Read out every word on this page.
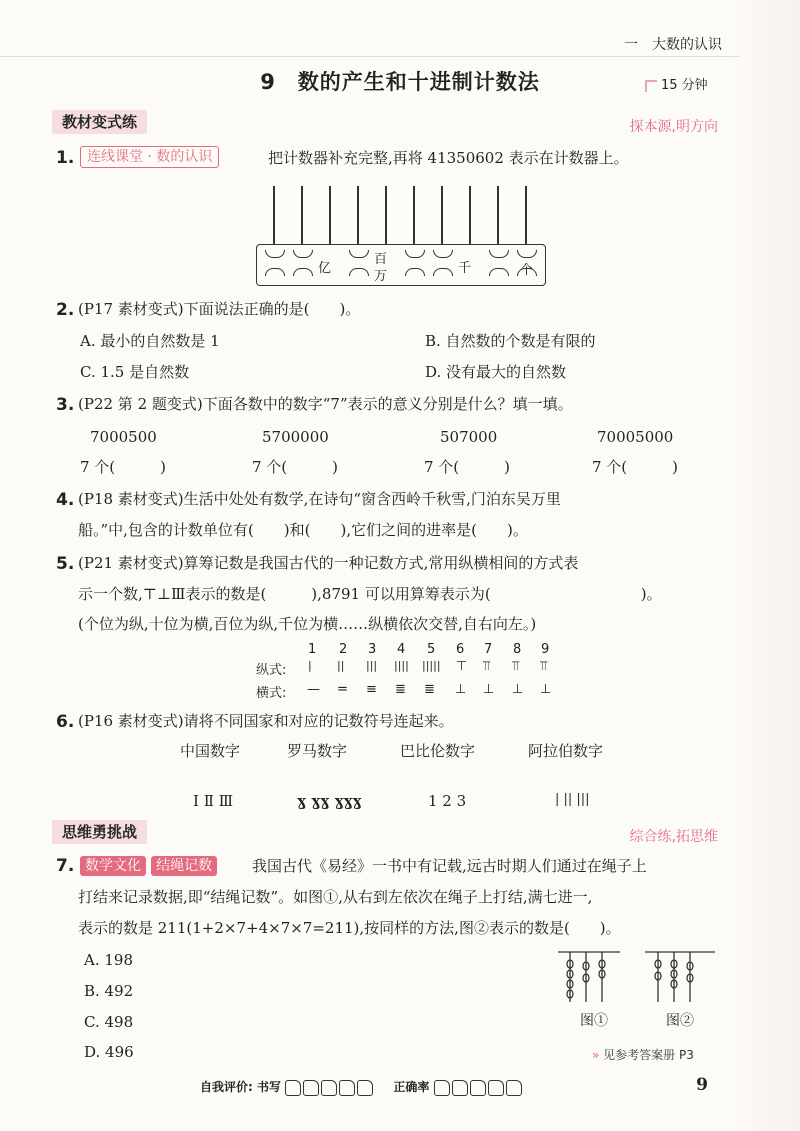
一　大数的认识
9　数的产生和十进制计数法	15 分钟
教材变式练	探本源,明方向
1. 连线课堂 · 数的认识	把计数器补充完整,再将 41350602 表示在计数器上。
亿
百
万
千	个
2. (P17 素材变式)下面说法正确的是(　　)。
A. 最小的自然数是 1	B. 自然数的个数是有限的
C. 1.5 是自然数	D. 没有最大的自然数
3. (P22 第 2 题变式)下面各数中的数字“7”表示的意义分别是什么？填一填。
7000500	5700000	507000	70005000
7 个(　　　)	7 个(　　　)	7 个(　　　)	7 个(　　　)
4. (P18 素材变式)生活中处处有数学,在诗句“窗含西岭千秋雪,门泊东吴万里
船。”中,包含的计数单位有(　　)和(　　),它们之间的进率是(　　)。
5. (P21 素材变式)算筹记数是我国古代的一种记数方式,常用纵横相间的方式表
示一个数,⊤⊥Ⅲ表示的数是(　　　),8791 可以用算筹表示为(　　　　　　　　　　)。
(个位为纵,十位为横,百位为纵,千位为横……纵横依次交替,自右向左。)
纵式:
横式:
1 2 3 4 5 6 7 8 9
| || ||| |||| ||||| ⊤ ⫪ ⫪ ⫪
— = ≡ ≣ ≣ ⊥ ⊥ ⊥ ⊥
6. (P16 素材变式)请将不同国家和对应的记数符号连起来。
中国数字	罗马数字	巴比伦数字	阿拉伯数字
Ⅰ Ⅱ Ⅲ	ɣ ɣɣ ɣɣɣ	1 2 3	| || |||
思维勇挑战	综合练,拓思维
7. 数学文化 结绳记数	我国古代《易经》一书中有记载,远古时期人们通过在绳子上
打结来记录数据,即“结绳记数”。如图①,从右到左依次在绳子上打结,满七进一,
表示的数是 211(1+2×7+4×7×7=211),按同样的方法,图②表示的数是(　　)。
A. 198
B. 492
C. 498
D. 496
图①	图②
» 见参考答案册 P3
自我评价: 书写	正确率	9
